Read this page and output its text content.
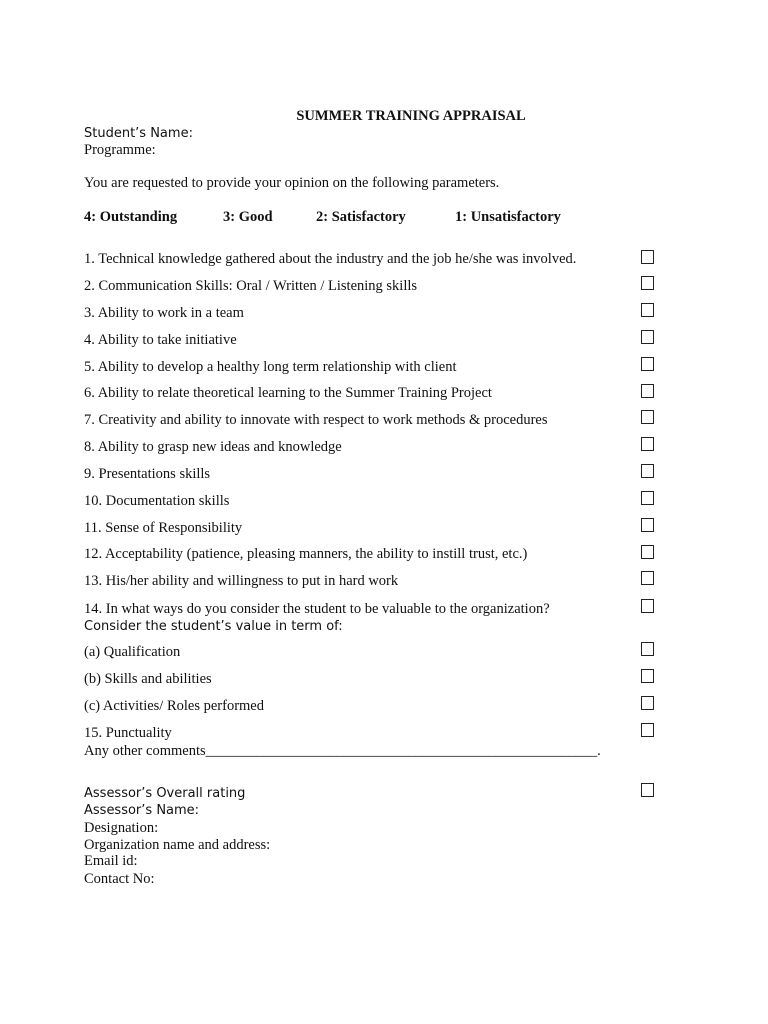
SUMMER TRAINING APPRAISAL
Student’s Name:
Programme:
You are requested to provide your opinion on the following parameters.
4: Outstanding	3: Good	2: Satisfactory	1: Unsatisfactory
1. Technical knowledge gathered about the industry and the job he/she was involved.
2. Communication Skills: Oral / Written / Listening skills
3. Ability to work in a team
4. Ability to take initiative
5. Ability to develop a healthy long term relationship with client
6. Ability to relate theoretical learning to the Summer Training Project
7. Creativity and ability to innovate with respect to work methods & procedures
8. Ability to grasp new ideas and knowledge
9. Presentations skills
10. Documentation skills
11. Sense of Responsibility
12. Acceptability (patience, pleasing manners, the ability to instill trust, etc.)
13. His/her ability and willingness to put in hard work
14. In what ways do you consider the student to be valuable to the organization?
Consider the student’s value in term of:
(a) Qualification
(b) Skills and abilities
(c) Activities/ Roles performed
15. Punctuality
Any other comments______________________________________________________.
Assessor’s Overall rating
Assessor’s Name:
Designation:
Organization name and address:
Email id:
Contact No:
